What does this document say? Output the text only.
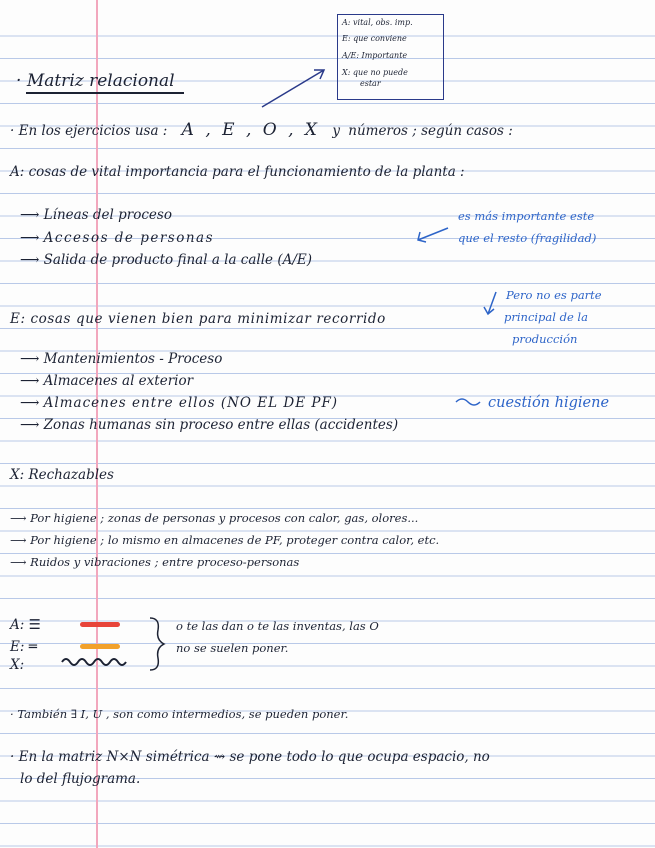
A: vital, obs. imp.
E: que conviene
A/E: Importante
X: que no puede
estar
· Matriz relacional
· En los ejercicios usa : A , E , O , X y números ; según casos :
A: cosas de vital importancia para el funcionamiento de la planta :
⟶ Líneas del proceso
⟶ Accesos de personas
⟶ Salida de producto final a la calle (A/E)
es más importante este
que el resto (fragilidad)
Pero no es parte
principal de la
producción
E: cosas que vienen bien para minimizar recorrido
⟶ Mantenimientos - Proceso
⟶ Almacenes al exterior
⟶ Almacenes entre ellos (NO EL DE PF)	cuestión higiene
⟶ Zonas humanas sin proceso entre ellas (accidentes)
X: Rechazables
⟶ Por higiene ; zonas de personas y procesos con calor, gas, olores...
⟶ Por higiene ; lo mismo en almacenes de PF, proteger contra calor, etc.
⟶ Ruidos y vibraciones ; entre proceso-personas
A: ☰
E: ═
X:
o te las dan o te las inventas, las O
no se suelen poner.
· También ∃ I, U , son como intermedios, se pueden poner.
· En la matriz N×N simétrica ⇝ se pone todo lo que ocupa espacio, no
lo del flujograma.
